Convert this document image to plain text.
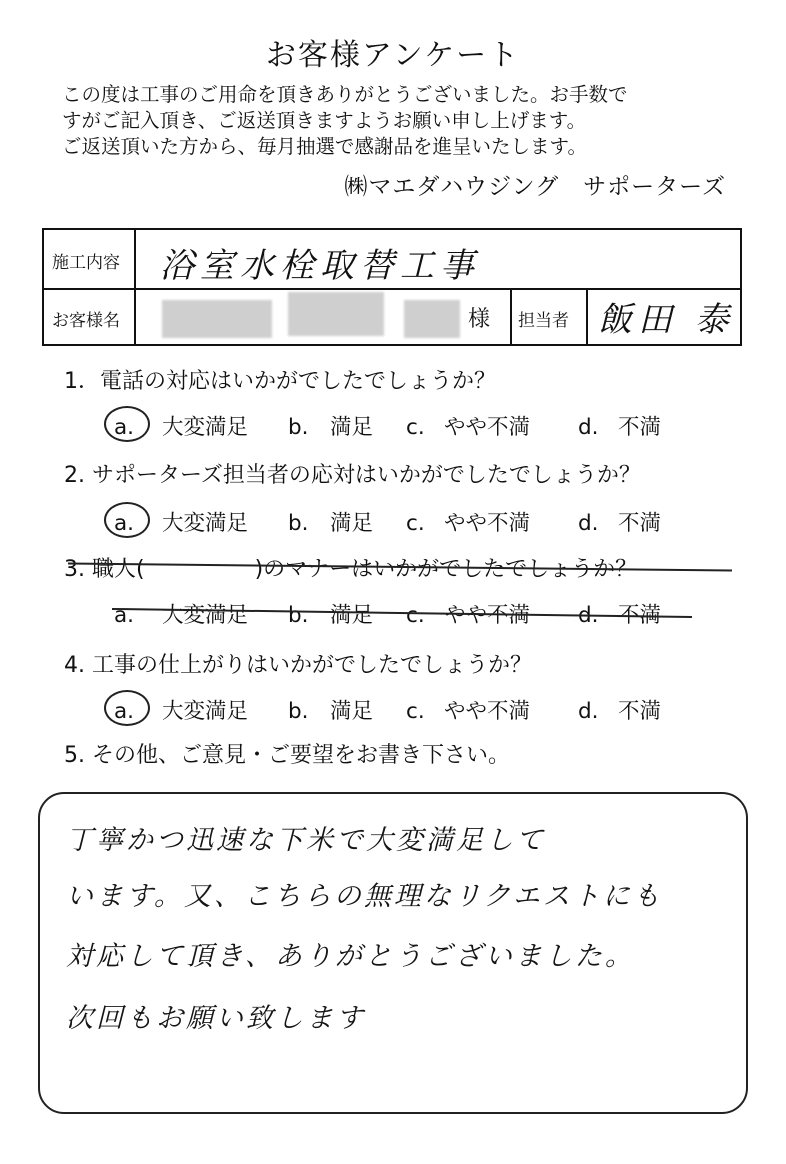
お客様アンケート
この度は工事のご用命を頂きありがとうございました。お手数で
すがご記入頂き、ご返送頂きますようお願い申し上げます。
ご返送頂いた方から、毎月抽選で感謝品を進呈いたします。
㈱マエダハウジング　サポーターズ
施工内容 浴室水栓取替工事
お客様名	様 担当者 飯田 泰
1．電話の対応はいかがでしたでしょうか？
a. 大変満足 b. 満足 c. やや不満 d. 不満
2. サポーターズ担当者の応対はいかがでしたでしょうか？
a. 大変満足 b. 満足 c. やや不満 d. 不満
3. 職人(　　　　　)のマナーはいかがでしたでしょうか？
a. 大変満足 b. 満足 c. やや不満 d. 不満
4. 工事の仕上がりはいかがでしたでしょうか？
a. 大変満足 b. 満足 c. やや不満 d. 不満
5. その他、ご意見・ご要望をお書き下さい。
丁寧かつ迅速な下米で大変満足して
います。又、こちらの無理なリクエストにも
対応して頂き、ありがとうございました。
次回もお願い致します
